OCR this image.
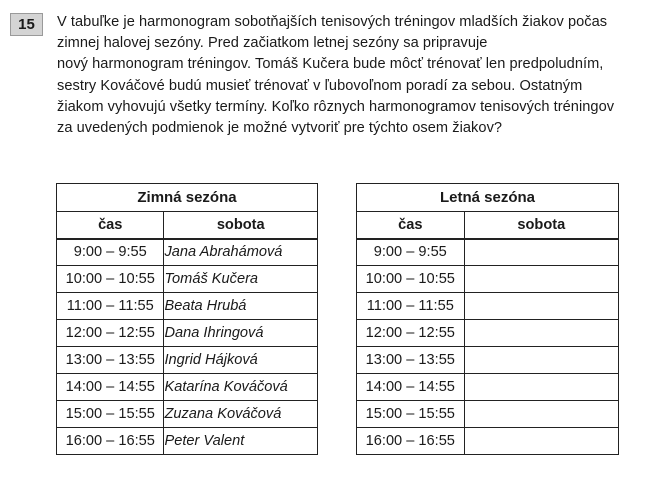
15	V tabuľke je harmonogram sobotňajších tenisových tréningov mladších žiakov počas
zimnej halovej sezóny. Pred začiatkom letnej sezóny sa pripravuje
nový harmonogram tréningov. Tomáš Kučera bude môcť trénovať len predpoludním,
sestry Kováčové budú musieť trénovať v ľubovoľnom poradí za sebou. Ostatným
žiakom vyhovujú všetky termíny. Koľko rôznych harmonogramov tenisových tréningov
za uvedených podmienok je možné vytvoriť pre týchto osem žiakov?

Zimná sezóna	
čas	sobota
9:00 – 9:55	Jana Abrahámová
10:00 – 10:55	Tomáš Kučera
11:00 – 11:55	Beata Hrubá
12:00 – 12:55	Dana Ihringová
13:00 – 13:55	Ingrid Hájková
14:00 – 14:55	Katarína Kováčová
15:00 – 15:55	Zuzana Kováčová
16:00 – 16:55	Peter Valent
Letná sezóna	
čas	sobota
9:00 – 9:55	
10:00 – 10:55	
11:00 – 11:55	
12:00 – 12:55	
13:00 – 13:55	
14:00 – 14:55	
15:00 – 15:55	
16:00 – 16:55	
